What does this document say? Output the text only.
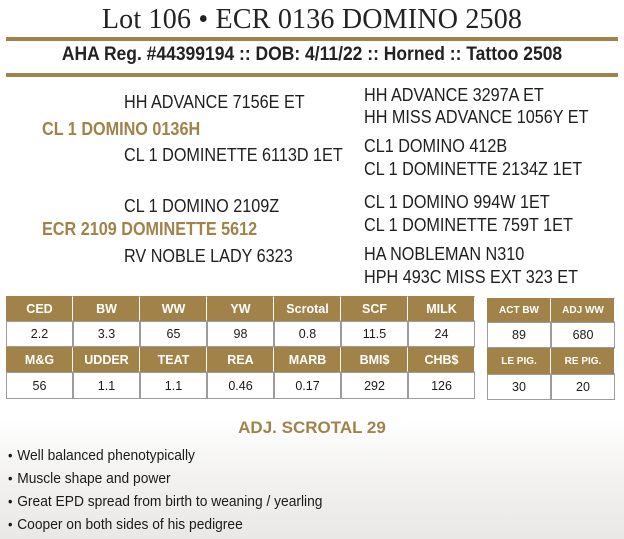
Lot 106 • ECR 0136 DOMINO 2508
AHA Reg. #44399194 :: DOB: 4/11/22 :: Horned :: Tattoo 2508
HH ADVANCE 7156E ET
CL 1 DOMINO 0136H
CL 1 DOMINETTE 6113D 1ET
HH ADVANCE 3297A ET
HH MISS ADVANCE 1056Y ET
CL1 DOMINO 412B
CL 1 DOMINETTE 2134Z 1ET
CL 1 DOMINO 2109Z
ECR 2109 DOMINETTE 5612
RV NOBLE LADY 6323
CL 1 DOMINO 994W 1ET
CL 1 DOMINETTE 759T 1ET
HA NOBLEMAN N310
HPH 493C MISS EXT 323 ET
CED	BW	WW	YW	Scrotal	SCF	MILK
2.2	3.3	65	98	0.8	11.5	24
M&G	UDDER	TEAT	REA	MARB	BMI$	CHB$
56	1.1	1.1	0.46	0.17	292	126
ACT BW	ADJ WW
89	680
LE PIG.	RE PIG.
30	20
ADJ. SCROTAL 29
• Well balanced phenotypically
• Muscle shape and power
• Great EPD spread from birth to weaning / yearling
• Cooper on both sides of his pedigree
